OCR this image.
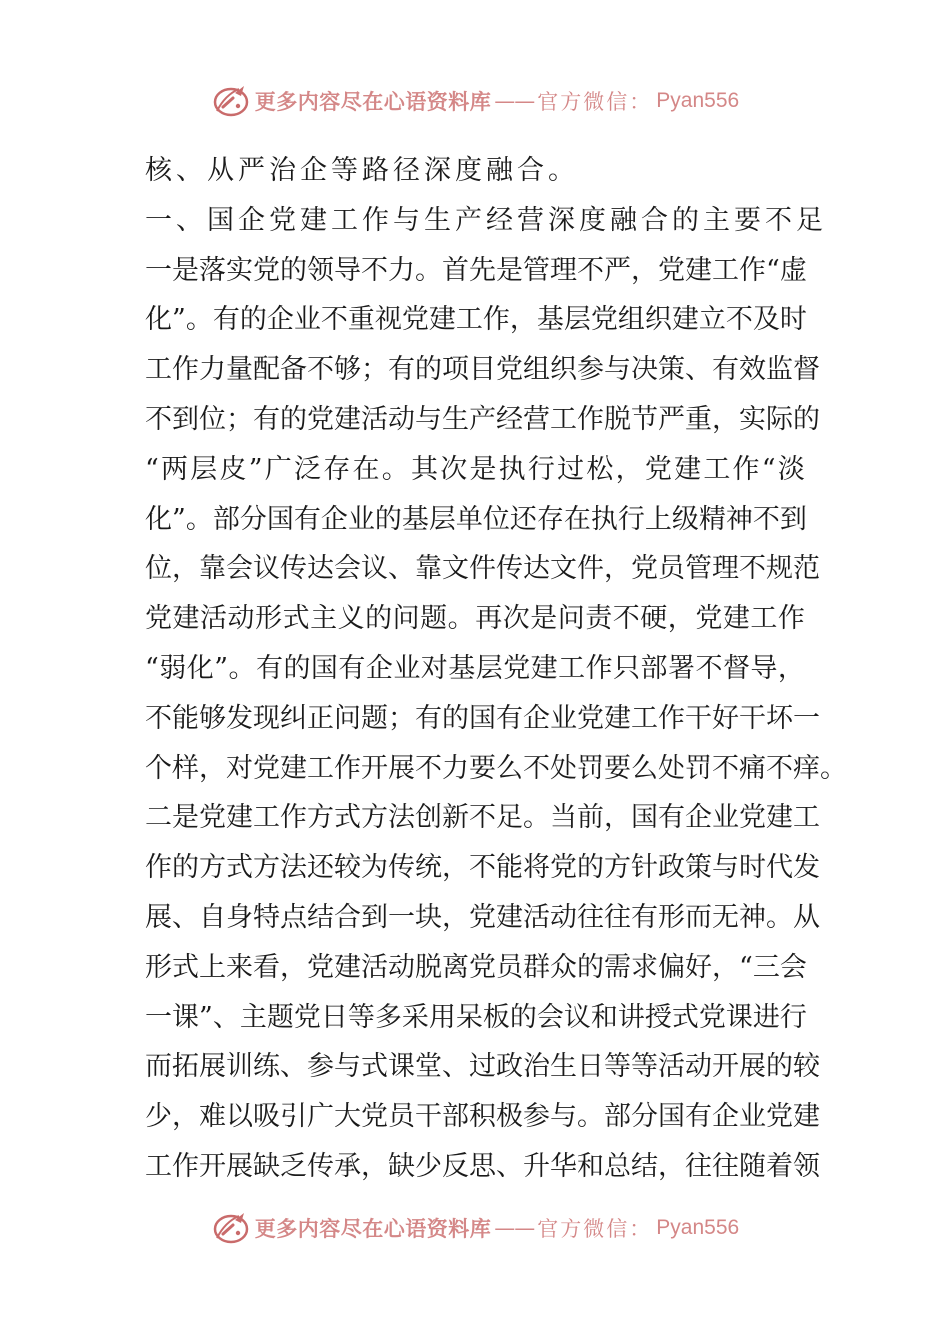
更多内容尽在心语资料库 —— 官方微信： Pyan556
核、从严治企等路径深度融合。
一、国企党建工作与生产经营深度融合的主要不足
一 是 落 实 党 的 领 导 不 力 。 首 先 是 管 理 不 严 ， 党 建 工 作 “ 虚
化 ” 。 有 的 企 业 不 重 视 党 建 工 作 ， 基 层 党 组 织 建 立 不 及 时
工 作 力 量 配 备 不 够 ； 有 的 项 目 党 组 织 参 与 决 策 、 有 效 监 督
不 到 位 ； 有 的 党 建 活 动 与 生 产 经 营 工 作 脱 节 严 重 ， 实 际 的
“ 两 层 皮 ” 广 泛 存 在 。 其 次 是 执 行 过 松 ， 党 建 工 作 “ 淡
化 ” 。 部 分 国 有 企 业 的 基 层 单 位 还 存 在 执 行 上 级 精 神 不 到
位 ， 靠 会 议 传 达 会 议 、 靠 文 件 传 达 文 件 ， 党 员 管 理 不 规 范
党 建 活 动 形 式 主 义 的 问 题 。 再 次 是 问 责 不 硬 ， 党 建 工 作
“ 弱 化 ” 。 有 的 国 有 企 业 对 基 层 党 建 工 作 只 部 署 不 督 导 ，
不 能 够 发 现 纠 正 问 题 ； 有 的 国 有 企 业 党 建 工 作 干 好 干 坏 一
个 样 ， 对 党 建 工 作 开 展 不 力 要 么 不 处 罚 要 么 处 罚 不 痛 不 痒 。
二 是 党 建 工 作 方 式 方 法 创 新 不 足 。 当 前 ， 国 有 企 业 党 建 工
作 的 方 式 方 法 还 较 为 传 统 ， 不 能 将 党 的 方 针 政 策 与 时 代 发
展 、 自 身 特 点 结 合 到 一 块 ， 党 建 活 动 往 往 有 形 而 无 神 。 从
形 式 上 来 看 ， 党 建 活 动 脱 离 党 员 群 众 的 需 求 偏 好 ， “ 三 会
一 课 ” 、 主 题 党 日 等 多 采 用 呆 板 的 会 议 和 讲 授 式 党 课 进 行
而 拓 展 训 练 、 参 与 式 课 堂 、 过 政 治 生 日 等 等 活 动 开 展 的 较
少 ， 难 以 吸 引 广 大 党 员 干 部 积 极 参 与 。 部 分 国 有 企 业 党 建
工 作 开 展 缺 乏 传 承 ， 缺 少 反 思 、 升 华 和 总 结 ， 往 往 随 着 领
更多内容尽在心语资料库 —— 官方微信： Pyan556
